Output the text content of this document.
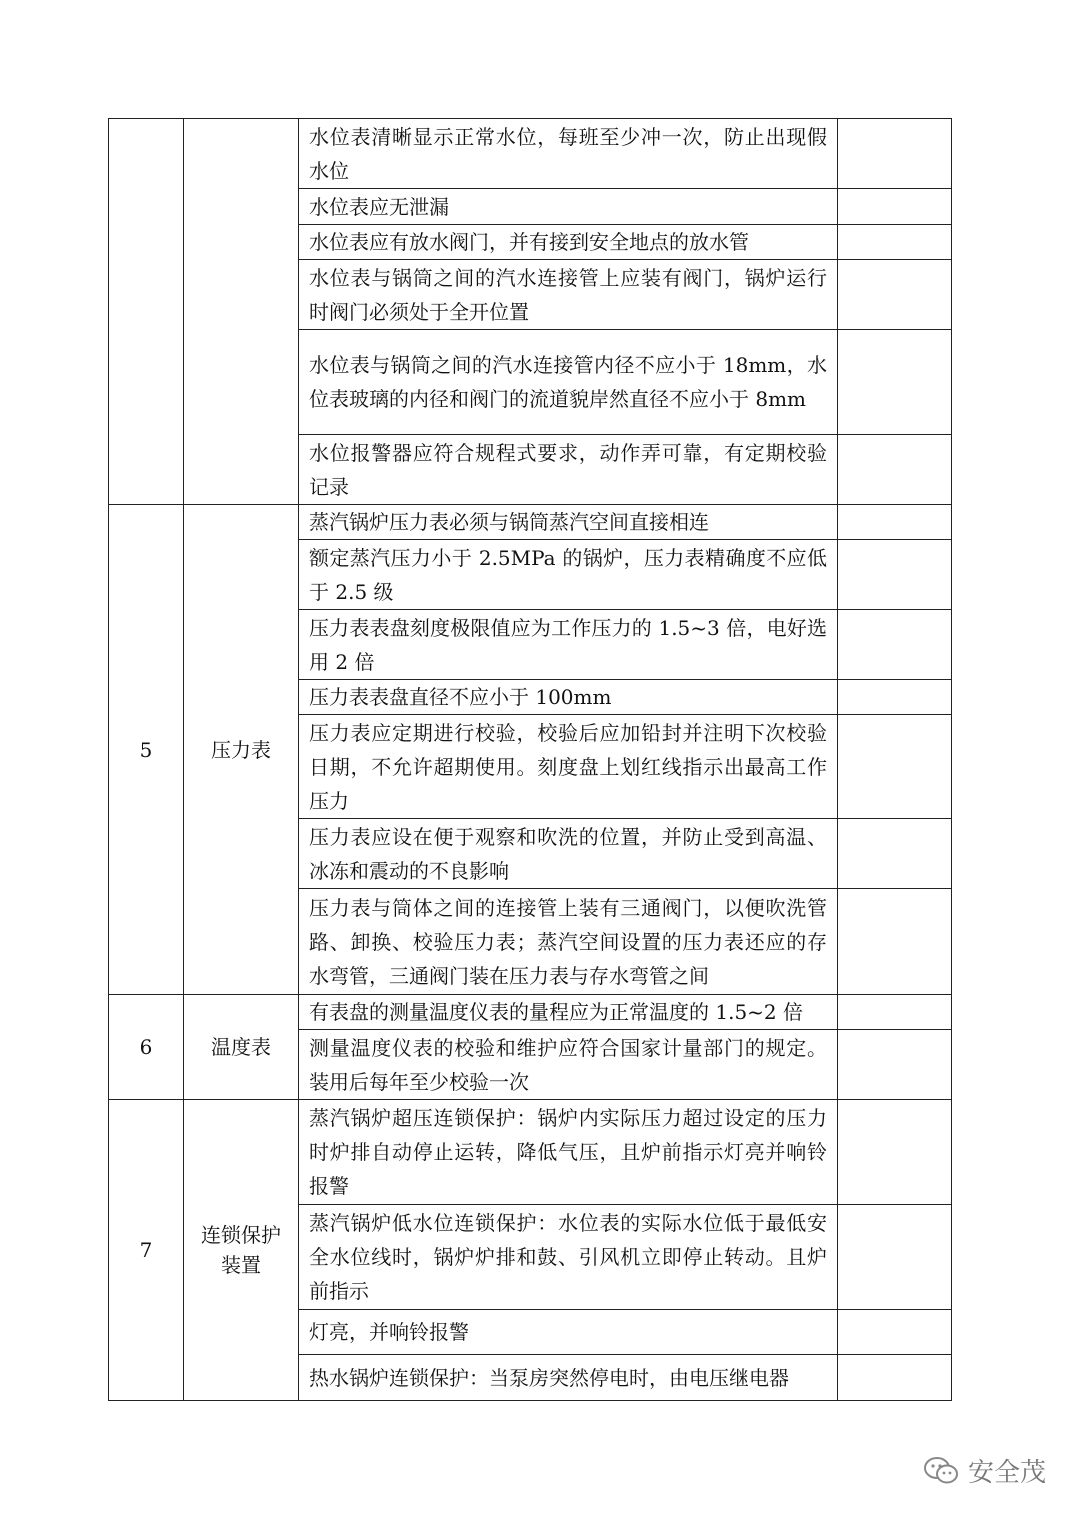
		水位表清晰显示正常水位，每班至少冲一次，防止出现假水位	
		水位表应无泄漏	
		水位表应有放水阀门，并有接到安全地点的放水管	
		水位表与锅筒之间的汽水连接管上应装有阀门，锅炉运行时阀门必须处于全开位置	
		水位表与锅筒之间的汽水连接管内径不应小于 18mm，水位表玻璃的内径和阀门的流道貌岸然直径不应小于 8mm	
		水位报警器应符合规程式要求，动作弄可靠，有定期校验记录	
5	压力表	蒸汽锅炉压力表必须与锅筒蒸汽空间直接相连	
		额定蒸汽压力小于 2.5MPa 的锅炉，压力表精确度不应低于 2.5 级	
		压力表表盘刻度极限值应为工作压力的 1.5~3 倍，电好选用 2 倍	
		压力表表盘直径不应小于 100mm	
		压力表应定期进行校验，校验后应加铅封并注明下次校验日期，不允许超期使用。刻度盘上划红线指示出最高工作压力	
		压力表应设在便于观察和吹洗的位置，并防止受到高温、冰冻和震动的不良影响	
		压力表与筒体之间的连接管上装有三通阀门，以便吹洗管路、卸换、校验压力表；蒸汽空间设置的压力表还应的存水弯管，三通阀门装在压力表与存水弯管之间	
6	温度表	有表盘的测量温度仪表的量程应为正常温度的 1.5~2 倍	
		测量温度仪表的校验和维护应符合国家计量部门的规定。装用后每年至少校验一次	
7	连锁保护装置	蒸汽锅炉超压连锁保护：锅炉内实际压力超过设定的压力时炉排自动停止运转，降低气压，且炉前指示灯亮并响铃报警	
		蒸汽锅炉低水位连锁保护：水位表的实际水位低于最低安全水位线时，锅炉炉排和鼓、引风机立即停止转动。且炉前指示	
		灯亮，并响铃报警	
		热水锅炉连锁保护：当泵房突然停电时，由电压继电器	
安全茂
